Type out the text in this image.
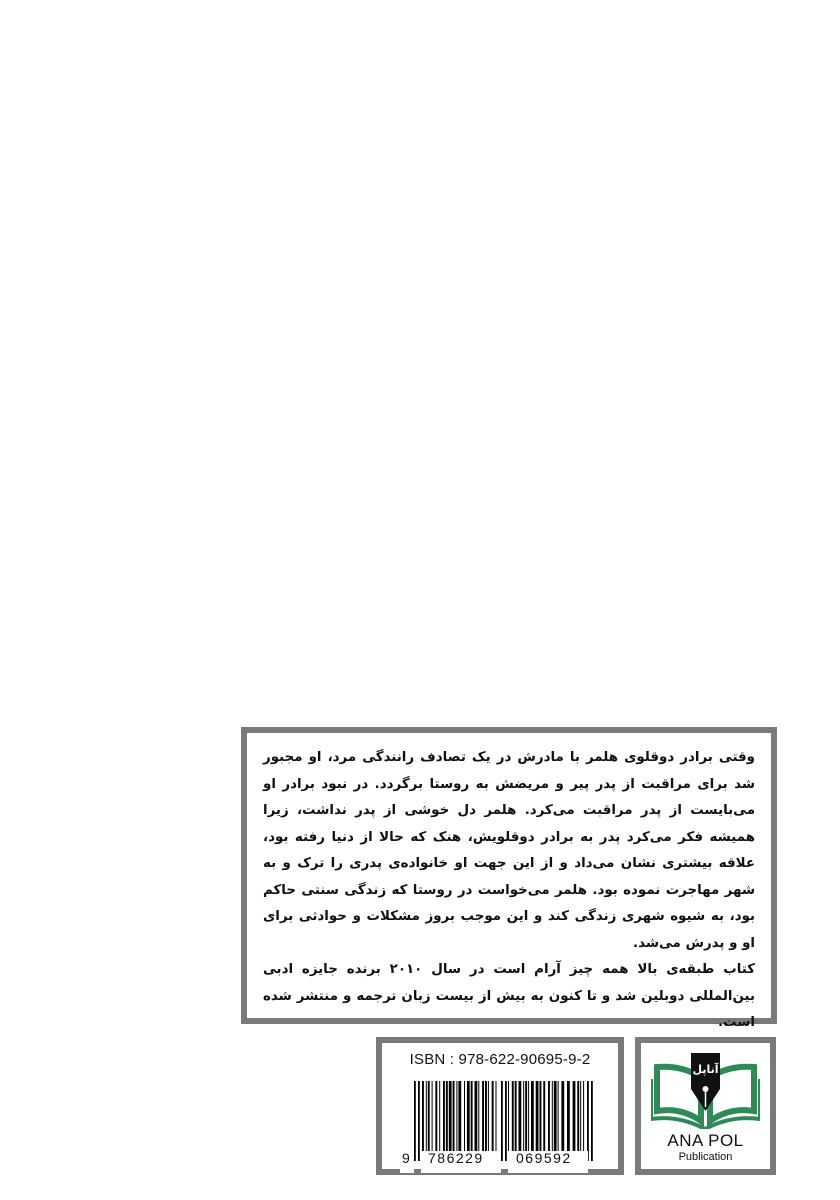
وقتی برادر دوقلوی هلمر با مادرش در یک تصادف رانندگی مرد، او مجبور شد برای مراقبت از پدر پیر و مریضش به روستا برگردد. در نبود برادر او می‌بایست از پدر مراقبت می‌کرد. هلمر دل خوشی از پدر نداشت، زیرا همیشه فکر می‌کرد پدر به برادر دوقلویش، هنک که حالا از دنیا رفته بود، علاقه بیشتری نشان می‌داد و از این جهت او خانواده‌ی پدری را ترک و به شهر مهاجرت نموده بود. هلمر می‌خواست در روستا که زندگی سنتی حاکم بود، به شیوه شهری زندگی کند و این موجب بروز مشکلات و حوادثی برای او و پدرش می‌شد.

کتاب طبقه‌ی بالا همه چیز آرام است در سال ۲۰۱۰ برنده جایزه ادبی بین‌المللی دوبلین شد و تا کنون به بیش از بیست زبان ترجمه و منتشر شده است.

ISBN : 978-622-90695-9-2
9 786229 069592
آناپل
ANA POL
Publication
